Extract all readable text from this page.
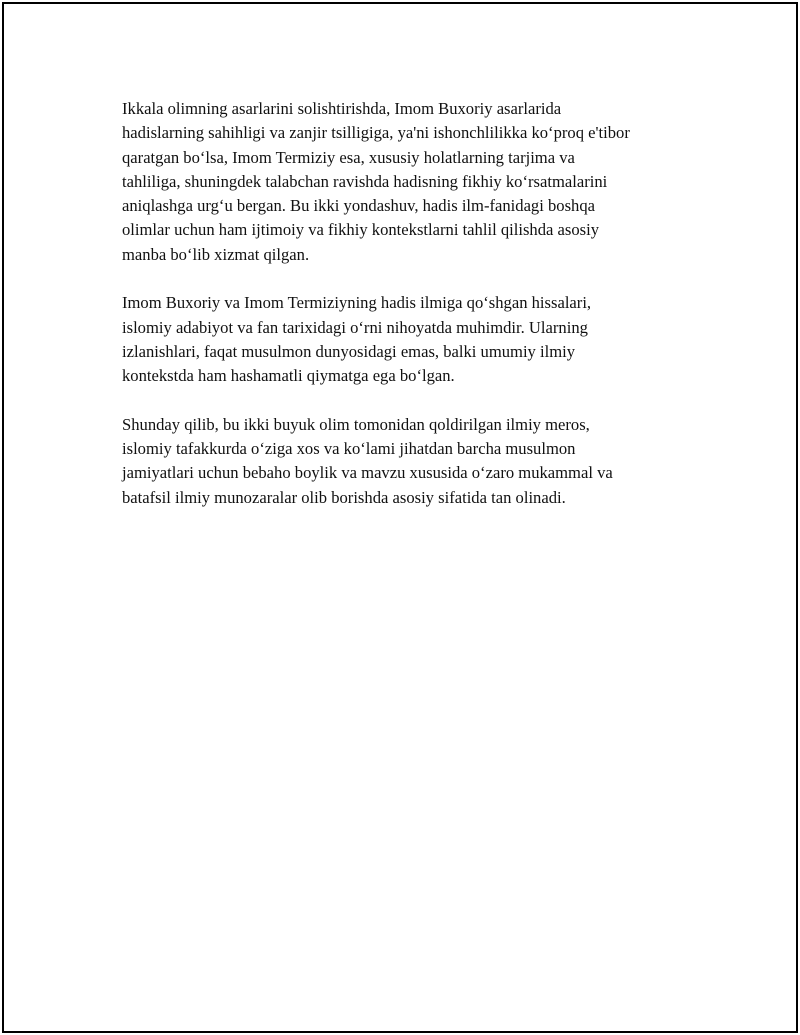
Ikkala olimning asarlarini solishtirishda, Imom Buxoriy asarlarida
hadislarning sahihligi va zanjir tsilligiga, ya'ni ishonchlilikka koʻproq e'tibor
qaratgan boʻlsa, Imom Termiziy esa, xususiy holatlarning tarjima va
tahliliga, shuningdek talabchan ravishda hadisning fikhiy koʻrsatmalarini
aniqlashga urgʻu bergan. Bu ikki yondashuv, hadis ilm-fanidagi boshqa
olimlar uchun ham ijtimoiy va fikhiy kontekstlarni tahlil qilishda asosiy
manba boʻlib xizmat qilgan.

Imom Buxoriy va Imom Termiziyning hadis ilmiga qoʻshgan hissalari,
islomiy adabiyot va fan tarixidagi oʻrni nihoyatda muhimdir. Ularning
izlanishlari, faqat musulmon dunyosidagi emas, balki umumiy ilmiy
kontekstda ham hashamatli qiymatga ega boʻlgan.

Shunday qilib, bu ikki buyuk olim tomonidan qoldirilgan ilmiy meros,
islomiy tafakkurda oʻziga xos va koʻlami jihatdan barcha musulmon
jamiyatlari uchun bebaho boylik va mavzu xususida oʻzaro mukammal va
batafsil ilmiy munozaralar olib borishda asosiy sifatida tan olinadi.
